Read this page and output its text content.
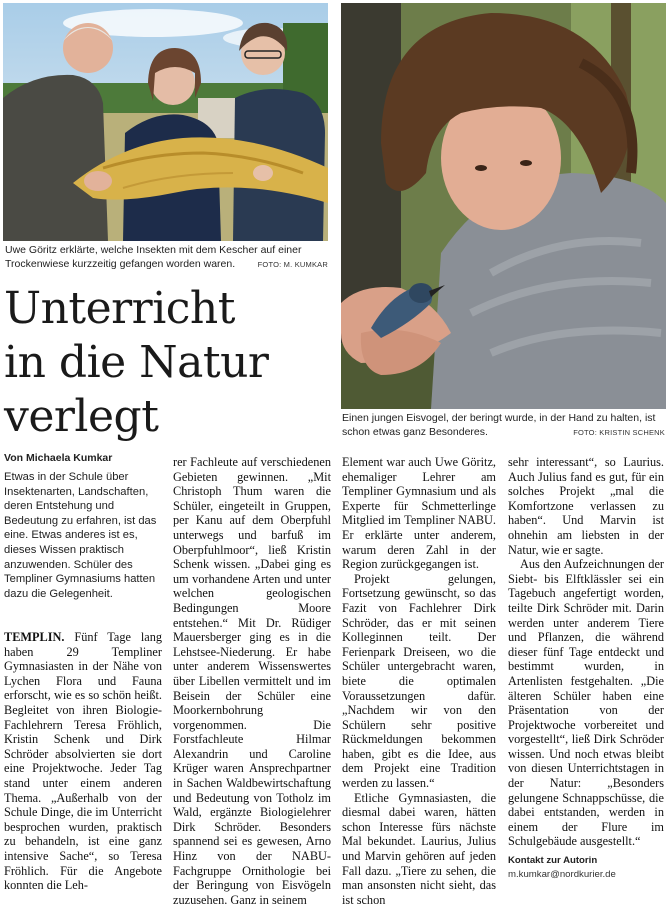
Uwe Göritz erklärte, welche Insekten mit dem Kescher auf einer Trockenwiese kurzzeitig gefangen worden waren.	FOTO: M. KUMKAR
Einen jungen Eisvogel, der beringt wurde, in der Hand zu halten, ist schon etwas ganz Besonderes.	FOTO: KRISTIN SCHENK
Unterricht
in die Natur
verlegt
Von Michaela Kumkar
Etwas in der Schule über Insektenarten, Landschaften, deren Entstehung und Bedeutung zu erfahren, ist das eine. Etwas anderes ist es, dieses Wissen praktisch anzuwenden. Schüler des Templiner Gymnasiums hatten dazu die Gelegenheit.

TEMPLIN. Fünf Tage lang haben 29 Templiner Gymnasiasten in der Nähe von Lychen Flora und Fauna erforscht, wie es so schön heißt. Begleitet von ihren Biologie-Fachlehrern Teresa Fröhlich, Kristin Schenk und Dirk Schröder absolvierten sie dort eine Projektwoche. Jeder Tag stand unter einem anderen Thema. „Außerhalb von der Schule Dinge, die im Unterricht besprochen wurden, praktisch zu behandeln, ist eine ganz intensive Sache“, so Teresa Fröhlich. Für die Angebote konnten die Leh-

rer Fachleute auf verschiedenen Gebieten gewinnen. „Mit Christoph Thum waren die Schüler, eingeteilt in Gruppen, per Kanu auf dem Oberpfuhl unterwegs und barfuß im Oberpfuhlmoor“, ließ Kristin Schenk wissen. „Dabei ging es um vorhandene Arten und unter welchen geologischen Bedingungen Moore entstehen.“ Mit Dr. Rüdiger Mauersberger ging es in die Lehstsee-Niederung. Er habe unter anderem Wissenswertes über Libellen vermittelt und im Beisein der Schüler eine Moorkernbohrung vorgenommen. Die Forstfachleute Hilmar Alexandrin und Caroline Krüger waren Ansprechpartner in Sachen Waldbewirtschaftung und Bedeutung von Totholz im Wald, ergänzte Biologielehrer Dirk Schröder. Besonders spannend sei es gewesen, Arno Hinz von der NABU-Fachgruppe Ornithologie bei der Beringung von Eisvögeln zuzusehen. Ganz in seinem

Element war auch Uwe Göritz, ehemaliger Lehrer am Templiner Gymnasium und als Experte für Schmetterlinge Mitglied im Templiner NABU. Er erklärte unter anderem, warum deren Zahl in der Region zurückgegangen ist.

Projekt gelungen, Fortsetzung gewünscht, so das Fazit von Fachlehrer Dirk Schröder, das er mit seinen Kolleginnen teilt. Der Ferienpark Dreiseen, wo die Schüler untergebracht waren, biete die optimalen Voraussetzungen dafür. „Nachdem wir von den Schülern sehr positive Rückmeldungen bekommen haben, gibt es die Idee, aus dem Projekt eine Tradition werden zu lassen.“

Etliche Gymnasiasten, die diesmal dabei waren, hätten schon Interesse fürs nächste Mal bekundet. Laurius, Julius und Marvin gehören auf jeden Fall dazu. „Tiere zu sehen, die man ansonsten nicht sieht, das ist schon

sehr interessant“, so Laurius. Auch Julius fand es gut, für ein solches Projekt „mal die Komfortzone verlassen zu haben“. Und Marvin ist ohnehin am liebsten in der Natur, wie er sagte.

Aus den Aufzeichnungen der Siebt- bis Elftklässler sei ein Tagebuch angefertigt worden, teilte Dirk Schröder mit. Darin werden unter anderem Tiere und Pflanzen, die während dieser fünf Tage entdeckt und bestimmt wurden, in Artenlisten festgehalten. „Die älteren Schüler haben eine Präsentation von der Projektwoche vorbereitet und vorgestellt“, ließ Dirk Schröder wissen. Und noch etwas bleibt von diesen Unterrichtstagen in der Natur: „Besonders gelungene Schnappschüsse, die dabei entstanden, werden in einem der Flure im Schulgebäude ausgestellt.“

Kontakt zur Autorin
m.kumkar@nordkurier.de
